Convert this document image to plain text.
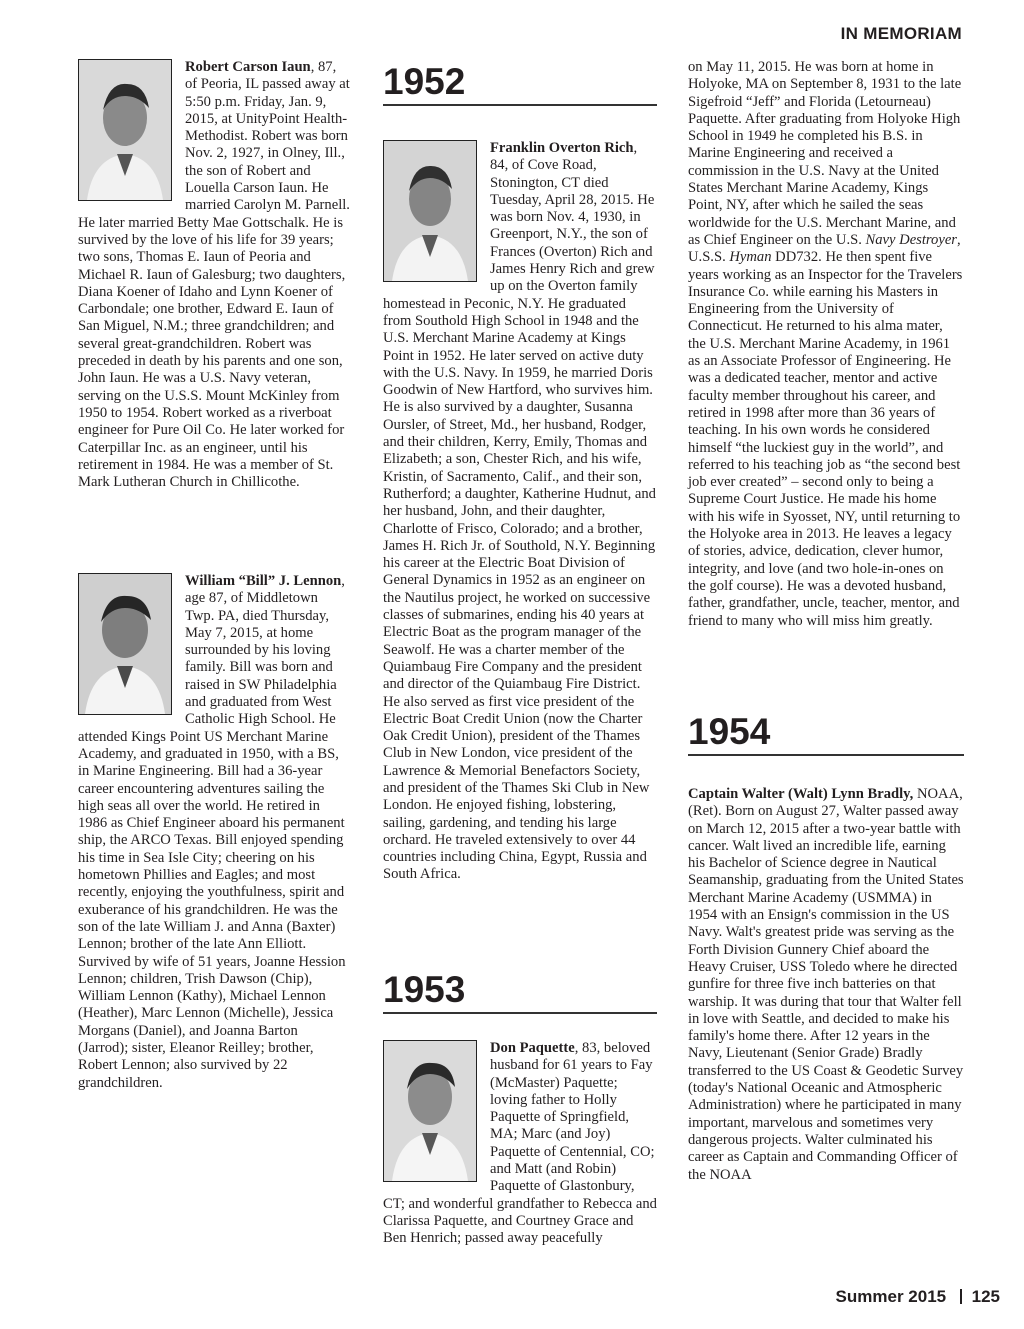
IN MEMORIAM

Robert Carson Iaun, 87, of Peoria, IL passed away at 5:50 p.m. Friday, Jan. 9, 2015, at UnityPoint Health-Methodist. Robert was born Nov. 2, 1927, in Olney, Ill., the son of Robert and Louella Carson Iaun. He married Carolyn M. Parnell. He later married Betty Mae Gottschalk. He is survived by the love of his life for 39 years; two sons, Thomas E. Iaun of Peoria and Michael R. Iaun of Galesburg; two daughters, Diana Koener of Idaho and Lynn Koener of Carbondale; one brother, Edward E. Iaun of San Miguel, N.M.; three grandchildren; and several great-grandchildren. Robert was preceded in death by his parents and one son, John Iaun. He was a U.S. Navy veteran, serving on the U.S.S. Mount McKinley from 1950 to 1954. Robert worked as a riverboat engineer for Pure Oil Co. He later worked for Caterpillar Inc. as an engineer, until his retirement in 1984. He was a member of St. Mark Lutheran Church in Chillicothe.

William “Bill” J. Lennon, age 87, of Middletown Twp. PA, died Thursday, May 7, 2015, at home surrounded by his loving family. Bill was born and raised in SW Philadelphia and graduated from West Catholic High School. He attended Kings Point US Merchant Marine Academy, and graduated in 1950, with a BS, in Marine Engineering. Bill had a 36-year career encountering adventures sailing the high seas all over the world. He retired in 1986 as Chief Engineer aboard his permanent ship, the ARCO Texas. Bill enjoyed spending his time in Sea Isle City; cheering on his hometown Phillies and Eagles; and most recently, enjoying the youthfulness, spirit and exuberance of his grandchildren. He was the son of the late William J. and Anna (Baxter) Lennon; brother of the late Ann Elliott. Survived by wife of 51 years, Joanne Hession Lennon; children, Trish Dawson (Chip), William Lennon (Kathy), Michael Lennon (Heather), Marc Lennon (Michelle), Jessica Morgans (Daniel), and Joanna Barton (Jarrod); sister, Eleanor Reilley; brother, Robert Lennon; also survived by 22 grandchildren.

1952

Franklin Overton Rich, 84, of Cove Road, Stonington, CT died Tuesday, April 28, 2015. He was born Nov. 4, 1930, in Greenport, N.Y., the son of Frances (Overton) Rich and James Henry Rich and grew up on the Overton family homestead in Peconic, N.Y. He graduated from Southold High School in 1948 and the U.S. Merchant Marine Academy at Kings Point in 1952. He later served on active duty with the U.S. Navy. In 1959, he married Doris Goodwin of New Hartford, who survives him. He is also survived by a daughter, Susanna Oursler, of Street, Md., her husband, Rodger, and their children, Kerry, Emily, Thomas and Elizabeth; a son, Chester Rich, and his wife, Kristin, of Sacramento, Calif., and their son, Rutherford; a daughter, Katherine Hudnut, and her husband, John, and their daughter, Charlotte of Frisco, Colorado; and a brother, James H. Rich Jr. of Southold, N.Y. Beginning his career at the Electric Boat Division of General Dynamics in 1952 as an engineer on the Nautilus project, he worked on successive classes of submarines, ending his 40 years at Electric Boat as the program manager of the Seawolf. He was a charter member of the Quiambaug Fire Company and the president and director of the Quiambaug Fire District. He also served as first vice president of the Electric Boat Credit Union (now the Charter Oak Credit Union), president of the Thames Club in New London, vice president of the Lawrence & Memorial Benefactors Society, and president of the Thames Ski Club in New London. He enjoyed fishing, lobstering, sailing, gardening, and tending his large orchard. He traveled extensively to over 44 countries including China, Egypt, Russia and South Africa.

1953

Don Paquette, 83, beloved husband for 61 years to Fay (McMaster) Paquette; loving father to Holly Paquette of Springfield, MA; Marc (and Joy) Paquette of Centennial, CO; and Matt (and Robin) Paquette of Glastonbury, CT; and wonderful grandfather to Rebecca and Clarissa Paquette, and Courtney Grace and Ben Henrich; passed away peacefully

on May 11, 2015. He was born at home in Holyoke, MA on September 8, 1931 to the late Sigefroid “Jeff” and Florida (Letourneau) Paquette. After graduating from Holyoke High School in 1949 he completed his B.S. in Marine Engineering and received a commission in the U.S. Navy at the United States Merchant Marine Academy, Kings Point, NY, after which he sailed the seas worldwide for the U.S. Merchant Marine, and as Chief Engineer on the U.S. Navy Destroyer, U.S.S. Hyman DD732. He then spent five years working as an Inspector for the Travelers Insurance Co. while earning his Masters in Engineering from the University of Connecticut. He returned to his alma mater, the U.S. Merchant Marine Academy, in 1961 as an Associate Professor of Engineering. He was a dedicated teacher, mentor and active faculty member throughout his career, and retired in 1998 after more than 36 years of teaching. In his own words he considered himself “the luckiest guy in the world”, and referred to his teaching job as “the second best job ever created” – second only to being a Supreme Court Justice. He made his home with his wife in Syosset, NY, until returning to the Holyoke area in 2013. He leaves a legacy of stories, advice, dedication, clever humor, integrity, and love (and two hole-in-ones on the golf course). He was a devoted husband, father, grandfather, uncle, teacher, mentor, and friend to many who will miss him greatly.

1954

Captain Walter (Walt) Lynn Bradly, NOAA, (Ret). Born on August 27, Walter passed away on March 12, 2015 after a two-year battle with cancer. Walt lived an incredible life, earning his Bachelor of Science degree in Nautical Seamanship, graduating from the United States Merchant Marine Academy (USMMA) in 1954 with an Ensign's commission in the US Navy. Walt's greatest pride was serving as the Forth Division Gunnery Chief aboard the Heavy Cruiser, USS Toledo where he directed gunfire for three five inch batteries on that warship. It was during that tour that Walter fell in love with Seattle, and decided to make his family's home there. After 12 years in the Navy, Lieutenant (Senior Grade) Bradly transferred to the US Coast & Geodetic Survey (today's National Oceanic and Atmospheric Administration) where he participated in many important, marvelous and sometimes very dangerous projects. Walter culminated his career as Captain and Commanding Officer of the NOAA

Summer 2015 125
